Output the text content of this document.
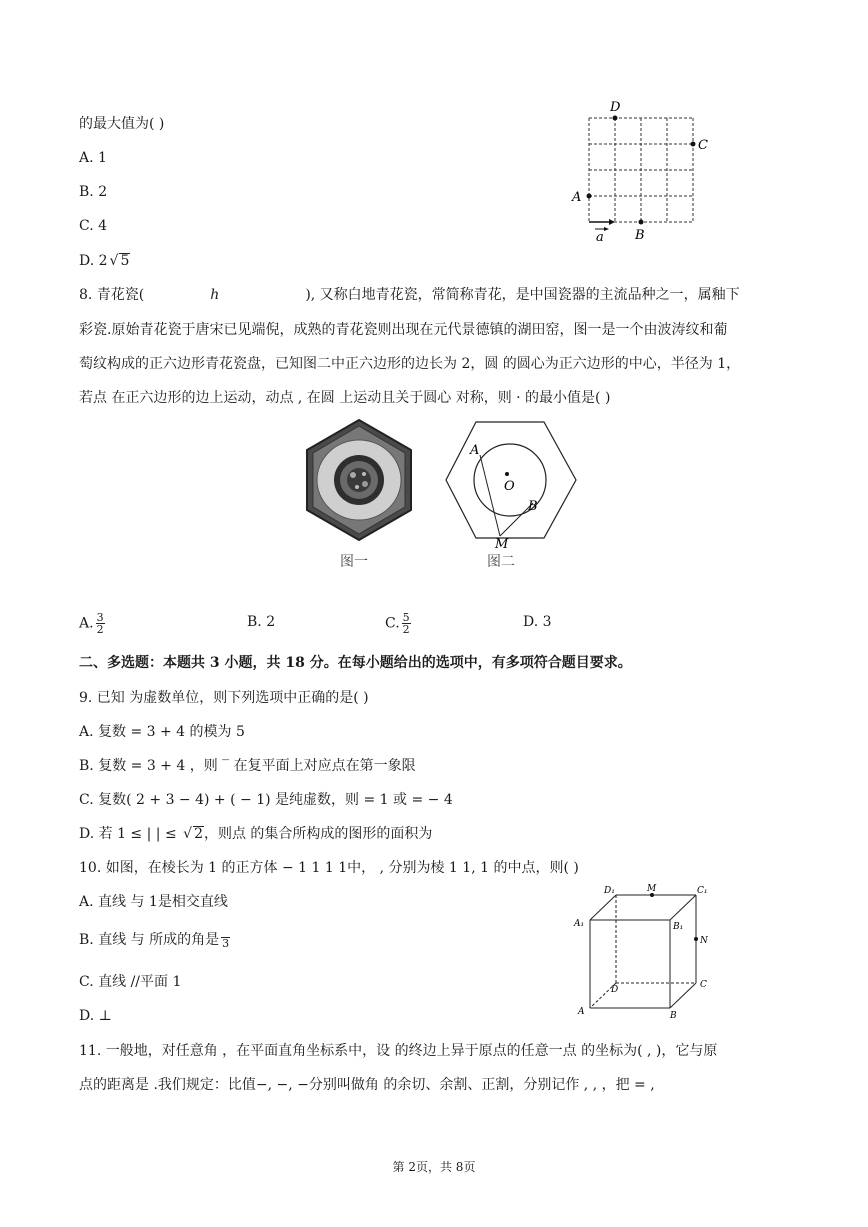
的最大值为( )
A. 1
B. 2
C. 4
D. 2 √ 5
D
C
A
B
a
8. 青花瓷(	h	), 又称白地青花瓷，常简称青花，是中国瓷器的主流品种之一，属釉下
彩瓷.原始青花瓷于唐宋已见端倪，成熟的青花瓷则出现在元代景德镇的湖田窑，图一是一个由波涛纹和葡
萄纹构成的正六边形青花瓷盘，已知图二中正六边形的边长为 2，圆 的圆心为正六边形的中心，半径为 1，
若点 在正六边形的边上运动，动点 , 在圆 上运动且关于圆心 对称，则 · 的最小值是( )
图一
A
O
B
M
图二
A. $\frac{3}{2}$	B. 2	C. $\frac{5}{2}$	D. 3
二、多选题：本题共 3 小题，共 18 分。在每小题给出的选项中，有多项符合题目要求。
9. 已知 为虚数单位，则下列选项中正确的是( )
A. 复数 = 3 + 4 的模为 5
B. 复数 = 3 + 4 ，则 ‾ 在复平面上对应点在第一象限
C. 复数( 2 + 3 − 4) + ( − 1) 是纯虚数，则 = 1 或 = − 4
D. 若 1 ≤ | | ≤ √ 2，则点 的集合所构成的图形的面积为
10. 如图，在棱长为 1 的正方体 − 1 1 1 1中， , 分别为棱 1 1, 1 的中点，则( )
A. 直线 与 1是相交直线
B. 直线 与 所成的角是 3
C. 直线 //平面 1
D. ⊥
D₁	M	C₁
A₁	B₁
N
D	C
A	B
11. 一般地，对任意角 ，在平面直角坐标系中，设 的终边上异于原点的任意一点 的坐标为( , )，它与原
点的距离是 .我们规定：比值−, −, −分别叫做角 的余切、余割、正割，分别记作 , , ，把 = ,
第 2页，共 8页
